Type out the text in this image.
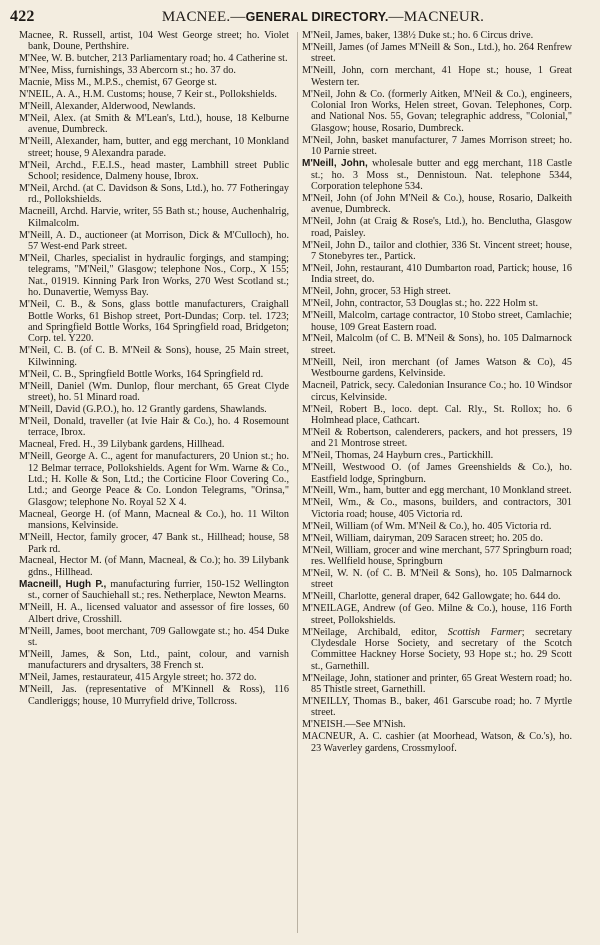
422	MACNEE.—GENERAL DIRECTORY.—MACNEUR.

Macnee, R. Russell, artist, 104 West George street; ho. Violet bank, Doune, Perthshire.

M'Nee, W. B. butcher, 213 Parliamentary road; ho. 4 Catherine st.

M'Nee, Miss, furnishings, 33 Abercorn st.; ho. 37 do.

Macnie, Miss M., M.P.S., chemist, 67 George st.

N'NEIL, A. A., H.M. Customs; house, 7 Keir st., Pollokshields.

M'Neill, Alexander, Alderwood, Newlands.

M'Neil, Alex. (at Smith & M'Lean's, Ltd.), house, 18 Kelburne avenue, Dumbreck.

M'Neill, Alexander, ham, butter, and egg merchant, 10 Monkland street; house, 9 Alexandra parade.

M'Neil, Archd., F.E.I.S., head master, Lambhill street Public School; residence, Dalmeny house, Ibrox.

M'Neil, Archd. (at C. Davidson & Sons, Ltd.), ho. 77 Fotheringay rd., Pollokshields.

Macneill, Archd. Harvie, writer, 55 Bath st.; house, Auchenhalrig, Kilmalcolm.

M'Neill, A. D., auctioneer (at Morrison, Dick & M'Culloch), ho. 57 West-end Park street.

M'Neil, Charles, specialist in hydraulic forgings, and stamping; telegrams, "M'Neil," Glasgow; telephone Nos., Corp., X 155; Nat., 01919. Kinning Park Iron Works, 270 West Scotland st.; ho. Dunavertie, Wemyss Bay.

M'Neil, C. B., & Sons, glass bottle manufacturers, Craighall Bottle Works, 61 Bishop street, Port-Dundas; Corp. tel. 1723; and Springfield Bottle Works, 164 Springfield road, Bridgeton; Corp. tel. Y220.

M'Neil, C. B. (of C. B. M'Neil & Sons), house, 25 Main street, Kilwinning.

M'Neil, C. B., Springfield Bottle Works, 164 Springfield rd.

M'Neill, Daniel (Wm. Dunlop, flour merchant, 65 Great Clyde street), ho. 51 Minard road.

M'Neill, David (G.P.O.), ho. 12 Grantly gardens, Shawlands.

M'Neil, Donald, traveller (at Ivie Hair & Co.), ho. 4 Rosemount terrace, Ibrox.

Macneal, Fred. H., 39 Lilybank gardens, Hillhead.

M'Neill, George A. C., agent for manufacturers, 20 Union st.; ho. 12 Belmar terrace, Pollokshields. Agent for Wm. Warne & Co., Ltd.; H. Kolle & Son, Ltd.; the Corticine Floor Covering Co., Ltd.; and George Peace & Co. London Telegrams, "Orinsa," Glasgow; telephone No. Royal 52 X 4.

Macneal, George H. (of Mann, Macneal & Co.), ho. 11 Wilton mansions, Kelvinside.

M'Neill, Hector, family grocer, 47 Bank st., Hillhead; house, 58 Park rd.

Macneal, Hector M. (of Mann, Macneal, & Co.); ho. 39 Lilybank gdns., Hillhead.

Macneill, Hugh P., manufacturing furrier, 150-152 Wellington st., corner of Sauchiehall st.; res. Netherplace, Newton Mearns.

M'Neill, H. A., licensed valuator and assessor of fire losses, 60 Albert drive, Crosshill.

M'Neill, James, boot merchant, 709 Gallowgate st.; ho. 454 Duke st.

M'Neill, James, & Son, Ltd., paint, colour, and varnish manufacturers and drysalters, 38 French st.

M'Neil, James, restaurateur, 415 Argyle street; ho. 372 do.

M'Neill, Jas. (representative of M'Kinnell & Ross), 116 Candleriggs; house, 10 Murryfield drive, Tollcross.

M'Neil, James, baker, 138½ Duke st.; ho. 6 Circus drive.

M'Neill, James (of James M'Neill & Son., Ltd.), ho. 264 Renfrew street.

M'Neill, John, corn merchant, 41 Hope st.; house, 1 Great Western ter.

M'Neil, John & Co. (formerly Aitken, M'Neil & Co.), engineers, Colonial Iron Works, Helen street, Govan. Telephones, Corp. and National Nos. 55, Govan; telegraphic address, "Colonial," Glasgow; house, Rosario, Dumbreck.

M'Neil, John, basket manufacturer, 7 James Morrison street; ho. 10 Parnie street.

M'Neill, John, wholesale butter and egg merchant, 118 Castle st.; ho. 3 Moss st., Dennistoun. Nat. telephone 5344, Corporation telephone 534.

M'Neil, John (of John M'Neil & Co.), house, Rosario, Dalkeith avenue, Dumbreck.

M'Neil, John (at Craig & Rose's, Ltd.), ho. Benclutha, Glasgow road, Paisley.

M'Neil, John D., tailor and clothier, 336 St. Vincent street; house, 7 Stonebyres ter., Partick.

M'Neil, John, restaurant, 410 Dumbarton road, Partick; house, 16 India street, do.

M'Neil, John, grocer, 53 High street.

M'Neil, John, contractor, 53 Douglas st.; ho. 222 Holm st.

M'Neill, Malcolm, cartage contractor, 10 Stobo street, Camlachie; house, 109 Great Eastern road.

M'Neil, Malcolm (of C. B. M'Neil & Sons), ho. 105 Dalmarnock street.

M'Neill, Neil, iron merchant (of James Watson & Co), 45 Westbourne gardens, Kelvinside.

Macneil, Patrick, secy. Caledonian Insurance Co.; ho. 10 Windsor circus, Kelvinside.

M'Neil, Robert B., loco. dept. Cal. Rly., St. Rollox; ho. 6 Holmhead place, Cathcart.

M'Neil & Robertson, calenderers, packers, and hot pressers, 19 and 21 Montrose street.

M'Neil, Thomas, 24 Hayburn cres., Partickhill.

M'Neill, Westwood O. (of James Greenshields & Co.), ho. Eastfield lodge, Springburn.

M'Neill, Wm., ham, butter and egg merchant, 10 Monkland street.

M'Neil, Wm., & Co., masons, builders, and contractors, 301 Victoria road; house, 405 Victoria rd.

M'Neil, William (of Wm. M'Neil & Co.), ho. 405 Victoria rd.

M'Neil, William, dairyman, 209 Saracen street; ho. 205 do.

M'Neil, William, grocer and wine merchant, 577 Springburn road; res. Wellfield house, Springburn

M'Neil, W. N. (of C. B. M'Neil & Sons), ho. 105 Dalmarnock street

M'Neill, Charlotte, general draper, 642 Gallowgate; ho. 644 do.

M'NEILAGE, Andrew (of Geo. Milne & Co.), house, 116 Forth street, Pollokshields.

M'Neilage, Archibald, editor, Scottish Farmer; secretary Clydesdale Horse Society, and secretary of the Scotch Committee Hackney Horse Society, 93 Hope st.; ho. 29 Scott st., Garnethill.

M'Neilage, John, stationer and printer, 65 Great Western road; ho. 85 Thistle street, Garnethill.

M'NEILLY, Thomas B., baker, 461 Garscube road; ho. 7 Myrtle street.

M'NEISH.—See M'Nish.

MACNEUR, A. C. cashier (at Moorhead, Watson, & Co.'s), ho. 23 Waverley gardens, Crossmyloof.
